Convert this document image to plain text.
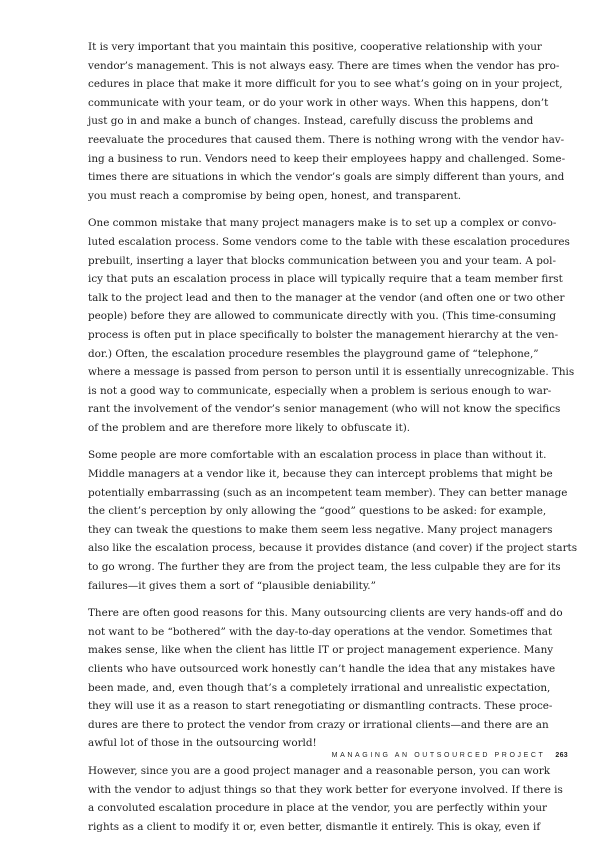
It is very important that you maintain this positive, cooperative relationship with your
vendor’s management. This is not always easy. There are times when the vendor has pro-
cedures in place that make it more difficult for you to see what’s going on in your project,
communicate with your team, or do your work in other ways. When this happens, don’t
just go in and make a bunch of changes. Instead, carefully discuss the problems and
reevaluate the procedures that caused them. There is nothing wrong with the vendor hav-
ing a business to run. Vendors need to keep their employees happy and challenged. Some-
times there are situations in which the vendor’s goals are simply different than yours, and
you must reach a compromise by being open, honest, and transparent.

One common mistake that many project managers make is to set up a complex or convo-
luted escalation process. Some vendors come to the table with these escalation procedures
prebuilt, inserting a layer that blocks communication between you and your team. A pol-
icy that puts an escalation process in place will typically require that a team member first
talk to the project lead and then to the manager at the vendor (and often one or two other
people) before they are allowed to communicate directly with you. (This time-consuming
process is often put in place specifically to bolster the management hierarchy at the ven-
dor.) Often, the escalation procedure resembles the playground game of “telephone,”
where a message is passed from person to person until it is essentially unrecognizable. This
is not a good way to communicate, especially when a problem is serious enough to war-
rant the involvement of the vendor’s senior management (who will not know the specifics
of the problem and are therefore more likely to obfuscate it).

Some people are more comfortable with an escalation process in place than without it.
Middle managers at a vendor like it, because they can intercept problems that might be
potentially embarrassing (such as an incompetent team member). They can better manage
the client’s perception by only allowing the “good” questions to be asked: for example,
they can tweak the questions to make them seem less negative. Many project managers
also like the escalation process, because it provides distance (and cover) if the project starts
to go wrong. The further they are from the project team, the less culpable they are for its
failures—it gives them a sort of “plausible deniability.”

There are often good reasons for this. Many outsourcing clients are very hands-off and do
not want to be “bothered” with the day-to-day operations at the vendor. Sometimes that
makes sense, like when the client has little IT or project management experience. Many
clients who have outsourced work honestly can’t handle the idea that any mistakes have
been made, and, even though that’s a completely irrational and unrealistic expectation,
they will use it as a reason to start renegotiating or dismantling contracts. These proce-
dures are there to protect the vendor from crazy or irrational clients—and there are an
awful lot of those in the outsourcing world!

However, since you are a good project manager and a reasonable person, you can work
with the vendor to adjust things so that they work better for everyone involved. If there is
a convoluted escalation procedure in place at the vendor, you are perfectly within your
rights as a client to modify it or, even better, dismantle it entirely. This is okay, even if

MANAGING AN OUTSOURCED PROJECT 263
